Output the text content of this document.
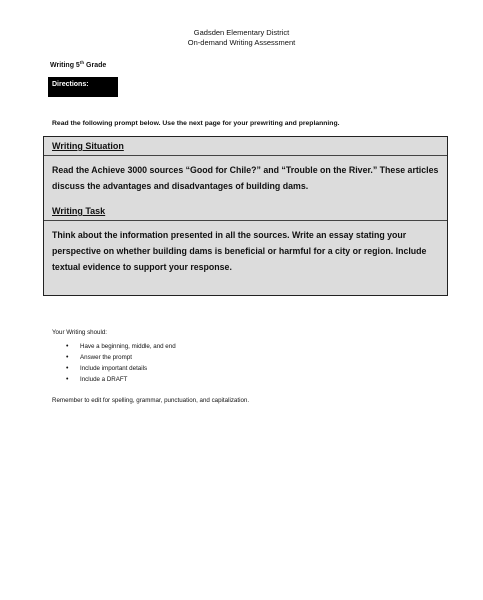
Gadsden Elementary District
On-demand Writing Assessment
Writing 5th Grade
Directions:
Read the following prompt below. Use the next page for your prewriting and preplanning.
Writing Situation
Read the Achieve 3000 sources “Good for Chile?” and “Trouble on the River.” These articles discuss the advantages and disadvantages of building dams.
Writing Task
Think about the information presented in all the sources. Write an essay stating your perspective on whether building dams is beneficial or harmful for a city or region. Include textual evidence to support your response.
Your Writing should:
• Have a beginning, middle, and end
• Answer the prompt
• Include important details
• Include a DRAFT
Remember to edit for spelling, grammar, punctuation, and capitalization.
